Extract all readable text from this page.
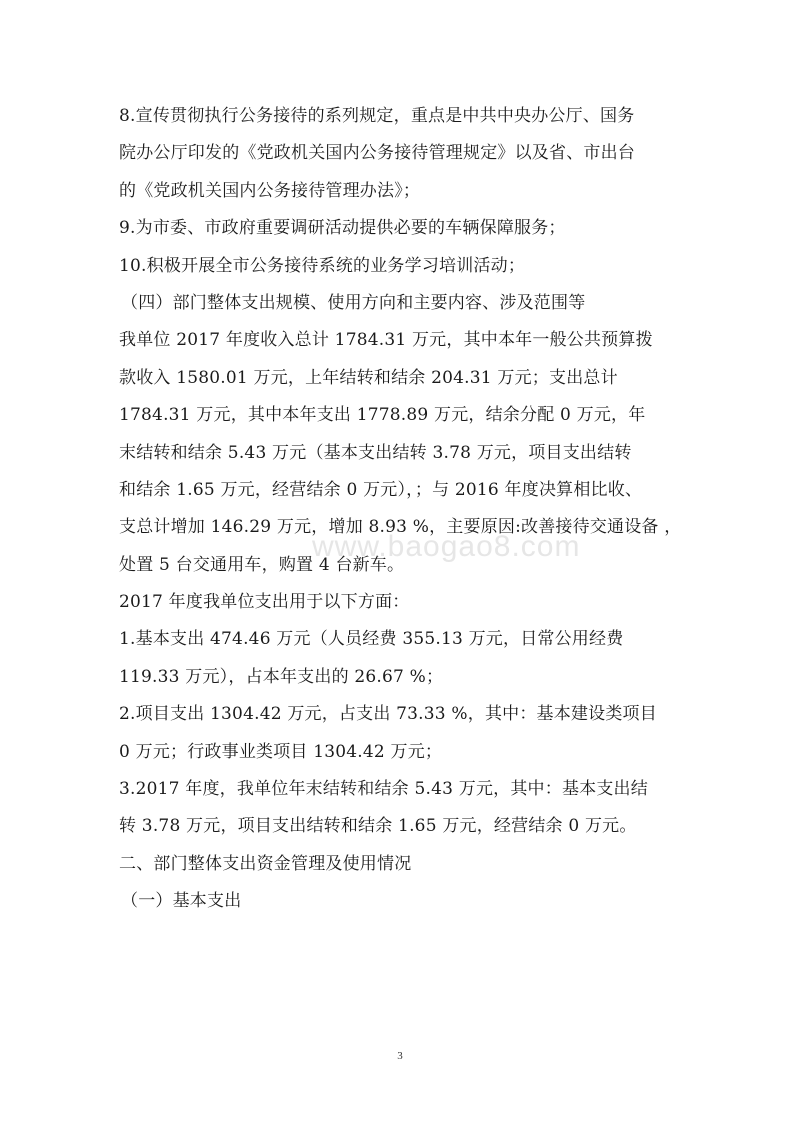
www.baogao8.com
8.宣传贯彻执行公务接待的系列规定，重点是中共中央办公厅、国务
院办公厅印发的《党政机关国内公务接待管理规定》以及省、市出台
的《党政机关国内公务接待管理办法》；
9.为市委、市政府重要调研活动提供必要的车辆保障服务；
10.积极开展全市公务接待系统的业务学习培训活动；
（四）部门整体支出规模、使用方向和主要内容、涉及范围等
我单位 2017 年度收入总计 1784.31 万元，其中本年一般公共预算拨
款收入 1580.01 万元，上年结转和结余 204.31 万元；支出总计
1784.31 万元，其中本年支出 1778.89 万元，结余分配 0 万元，年
末结转和结余 5.43 万元（基本支出结转 3.78 万元，项目支出结转
和结余 1.65 万元，经营结余 0 万元），；与 2016 年度决算相比收、
支总计增加 146.29 万元，增加 8.93 %，主要原因:改善接待交通设备 ，
处置 5 台交通用车，购置 4 台新车。
2017 年度我单位支出用于以下方面：
1.基本支出 474.46 万元（人员经费 355.13 万元，日常公用经费
119.33 万元），占本年支出的 26.67 %；
2.项目支出 1304.42 万元，占支出 73.33 %，其中：基本建设类项目
0 万元；行政事业类项目 1304.42 万元；
3.2017 年度，我单位年末结转和结余 5.43 万元，其中：基本支出结
转 3.78 万元，项目支出结转和结余 1.65 万元，经营结余 0 万元。
二、部门整体支出资金管理及使用情况
（一）基本支出
3
